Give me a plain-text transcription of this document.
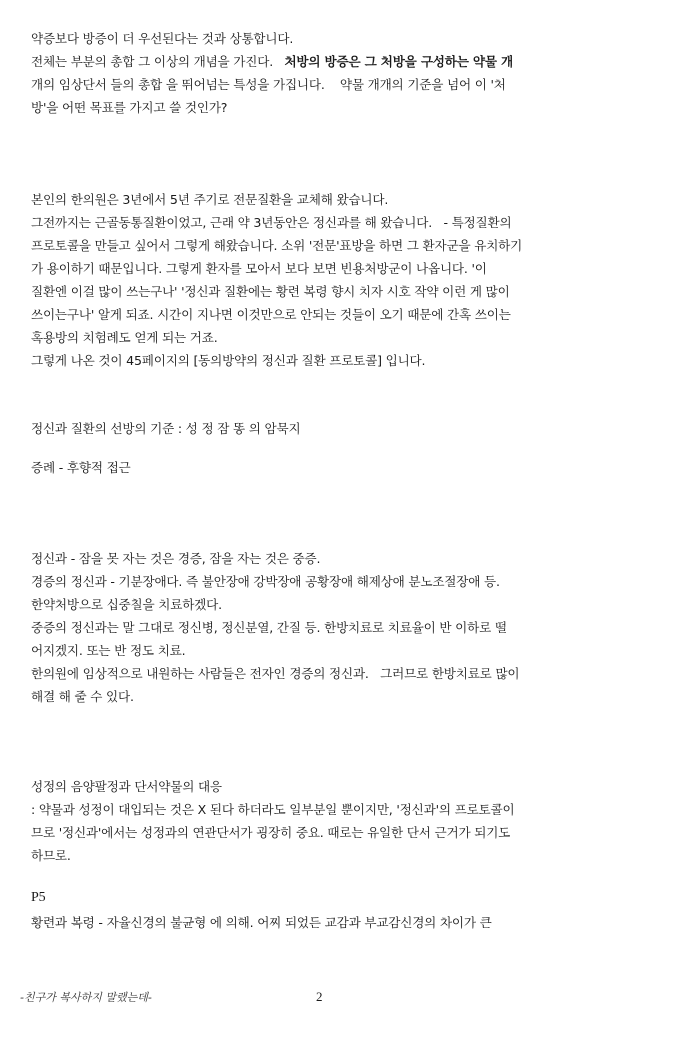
약증보다 방증이 더 우선된다는 것과 상통합니다.
전체는 부분의 총합 그 이상의 개념을 가진다. 처방의 방증은 그 처방을 구성하는 약물 개
개의 임상단서 들의 총합 을 뛰어넘는 특성을 가집니다. 약물 개개의 기준을 넘어 이 '처
방'을 어떤 목표를 가지고 쓸 것인가?
본인의 한의원은 3년에서 5년 주기로 전문질환을 교체해 왔습니다.
그전까지는 근골동통질환이었고, 근래 약 3년동안은 정신과를 해 왔습니다. - 특정질환의
프로토콜을 만들고 싶어서 그렇게 해왔습니다. 소위 '전문'표방을 하면 그 환자군을 유치하기
가 용이하기 때문입니다. 그렇게 환자를 모아서 보다 보면 빈용처방군이 나옵니다. '이
질환엔 이걸 많이 쓰는구나' '정신과 질환에는 황련 복령 향시 치자 시호 작약 이런 게 많이
쓰이는구나' 알게 되죠. 시간이 지나면 이것만으로 안되는 것들이 오기 때문에 간혹 쓰이는
혹용방의 치험례도 얻게 되는 거죠.
그렇게 나온 것이 45페이지의 [동의방약의 정신과 질환 프로토콜] 입니다.
정신과 질환의 선방의 기준 : 성 정 잠 똥 의 암묵지
증례 - 후향적 접근
정신과 - 잠을 못 자는 것은 경증, 잠을 자는 것은 중증.
경증의 정신과 - 기분장애다. 즉 불안장애 강박장애 공황장애 해제상애 분노조절장애 등.
한약처방으로 십중칠을 치료하겠다.
중증의 정신과는 말 그대로 정신병, 정신분열, 간질 등. 한방치료로 치료율이 반 이하로 떨
어지겠지. 또는 반 정도 치료.
한의원에 임상적으로 내원하는 사람들은 전자인 경증의 정신과. 그러므로 한방치료로 많이
해결 해 줄 수 있다.
성정의 음양팔정과 단서약물의 대응
: 약물과 성정이 대입되는 것은 X 된다 하더라도 일부분일 뿐이지만, '정신과'의 프로토콜이
므로 '정신과'에서는 성정과의 연관단서가 굉장히 중요. 때로는 유일한 단서 근거가 되기도
하므로.
P5
황련과 복령 - 자율신경의 불균형 에 의해. 어찌 되었든 교감과 부교감신경의 차이가 큰
-친구가 복사하지 말랬는데-	2
